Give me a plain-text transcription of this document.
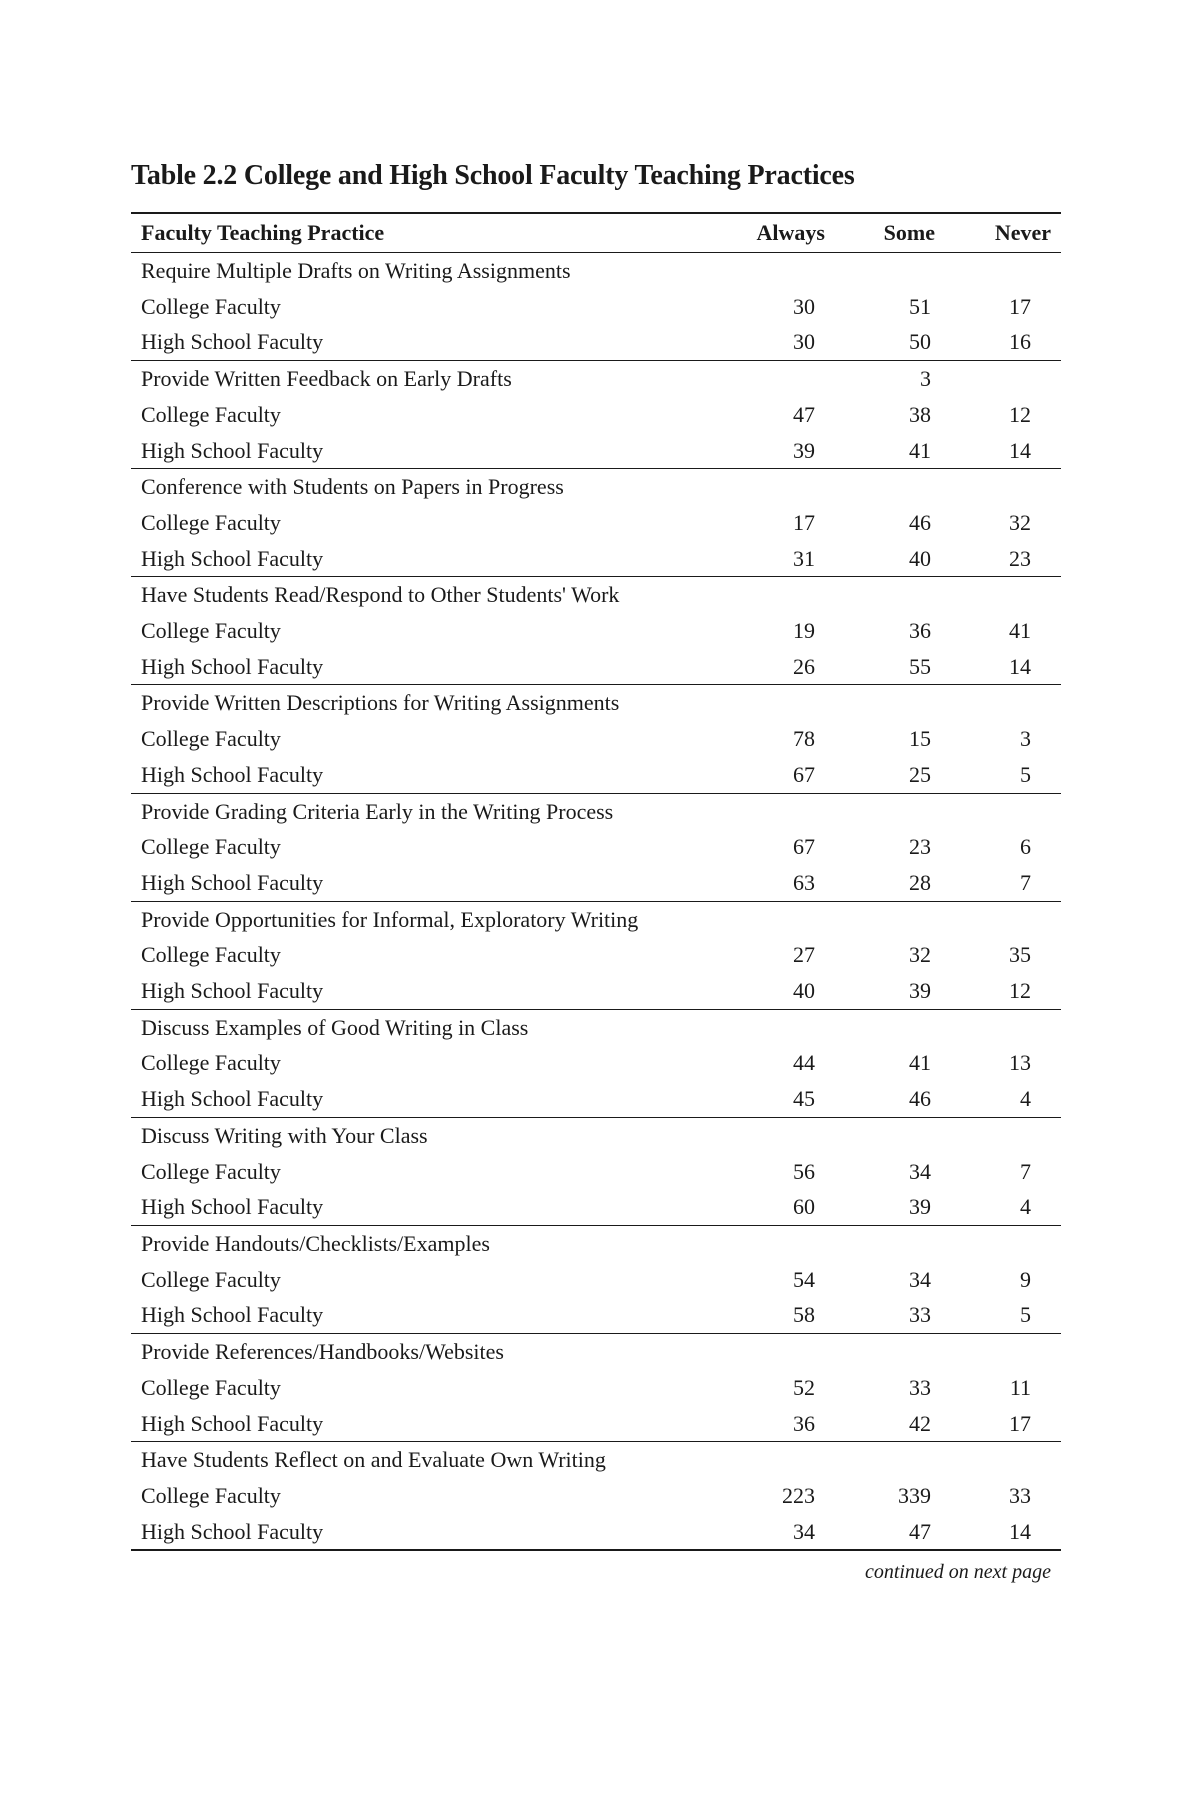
Table 2.2 College and High School Faculty Teaching Practices
Faculty Teaching Practice	Always	Some	Never
Require Multiple Drafts on Writing Assignments			
College Faculty	30	51	17
High School Faculty	30	50	16
Provide Written Feedback on Early Drafts		3	
College Faculty	47	38	12
High School Faculty	39	41	14
Conference with Students on Papers in Progress			
College Faculty	17	46	32
High School Faculty	31	40	23
Have Students Read/Respond to Other Students' Work			
College Faculty	19	36	41
High School Faculty	26	55	14
Provide Written Descriptions for Writing Assignments			
College Faculty	78	15	3
High School Faculty	67	25	5
Provide Grading Criteria Early in the Writing Process			
College Faculty	67	23	6
High School Faculty	63	28	7
Provide Opportunities for Informal, Exploratory Writing			
College Faculty	27	32	35
High School Faculty	40	39	12
Discuss Examples of Good Writing in Class			
College Faculty	44	41	13
High School Faculty	45	46	4
Discuss Writing with Your Class			
College Faculty	56	34	7
High School Faculty	60	39	4
Provide Handouts/Checklists/Examples			
College Faculty	54	34	9
High School Faculty	58	33	5
Provide References/Handbooks/Websites			
College Faculty	52	33	11
High School Faculty	36	42	17
Have Students Reflect on and Evaluate Own Writing			
College Faculty	223	339	33
High School Faculty	34	47	14
continued on next page
